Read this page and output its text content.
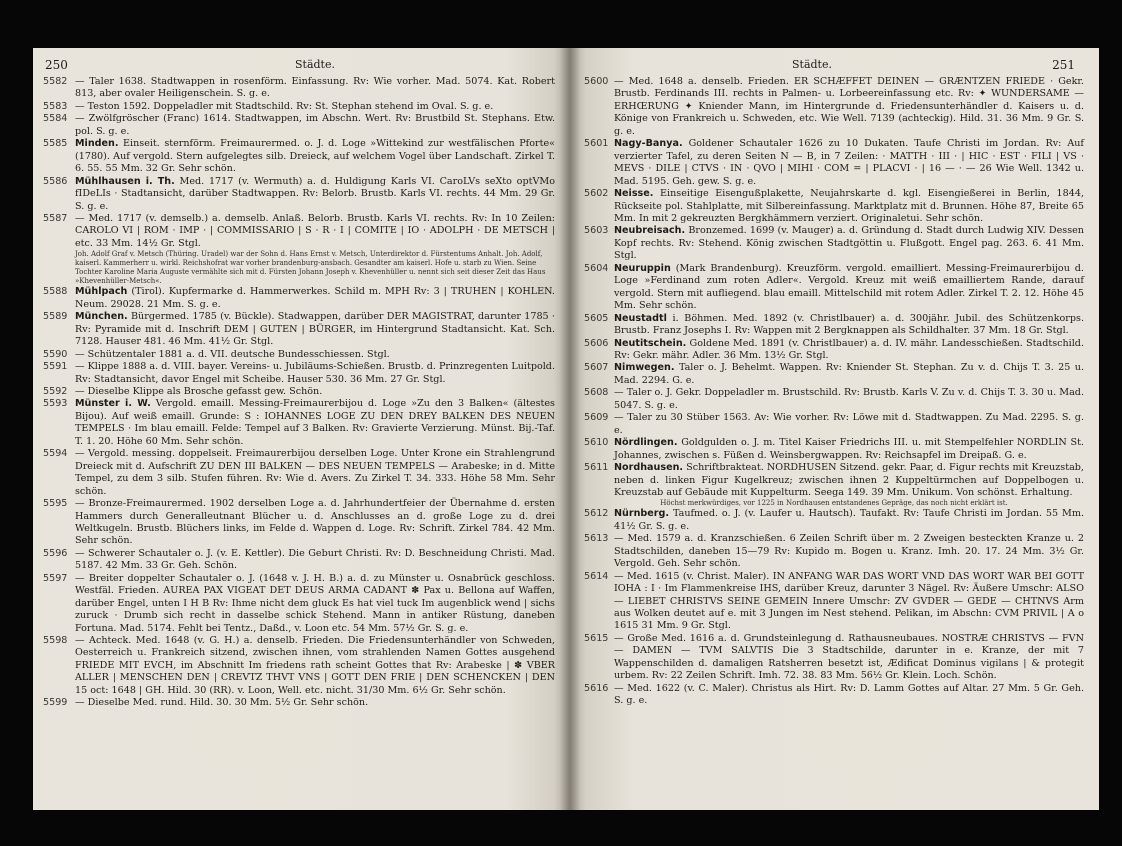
250	Städte.
5582 — Taler 1638. Stadtwappen in rosenförm. Einfassung. Rv: Wie vorher. Mad. 5074. Kat. Robert 813, aber ovaler Heiligenschein. S. g. e.
5583 — Teston 1592. Doppeladler mit Stadtschild. Rv: St. Stephan stehend im Oval. S. g. e.
5584 — Zwölfgröscher (Franc) 1614. Stadtwappen, im Abschn. Wert. Rv: Brustbild St. Stephans. Etw. pol. S. g. e.
5585 Minden. Einseit. sternförm. Freimaurermed. o. J. d. Loge »Wittekind zur westfälischen Pforte« (1780). Auf vergold. Stern aufgelegtes silb. Dreieck, auf welchem Vogel über Landschaft. Zirkel T. 6. 55. 55 Mm. 32 Gr. Sehr schön.
5586 Mühlhausen i. Th. Med. 1717 (v. Wermuth) a. d. Huldigung Karls VI. CaroLVs seXto optVMo fIDeLIs · Stadtansicht, darüber Stadtwappen. Rv: Belorb. Brustb. Karls VI. rechts. 44 Mm. 29 Gr. S. g. e.
5587 — Med. 1717 (v. demselb.) a. demselb. Anlaß. Belorb. Brustb. Karls VI. rechts. Rv: In 10 Zeilen: CAROLO VI | ROM · IMP · | COMMISSARIO | S · R · I | COMITE | IO · ADOLPH · DE METSCH | etc. 33 Mm. 14½ Gr. Stgl.
Joh. Adolf Graf v. Metsch (Thüring. Uradel) war der Sohn d. Hans Ernst v. Metsch, Unterdirektor d. Fürstentums Anhalt. Joh. Adolf, kaiserl. Kammerherr u. wirkl. Reichshofrat war vorher brandenburg-ansbach. Gesandter am kaiserl. Hofe u. starb zu Wien. Seine Tochter Karoline Maria Auguste vermählte sich mit d. Fürsten Johann Joseph v. Khevenhüller u. nennt sich seit dieser Zeit das Haus »Khevenhüller-Metsch«.
5588 Mühlpach (Tirol). Kupfermarke d. Hammerwerkes. Schild m. MPH Rv: 3 | TRUHEN | KOHLEN. Neum. 29028. 21 Mm. S. g. e.
5589 München. Bürgermed. 1785 (v. Bückle). Stadwappen, darüber DER MAGISTRAT, darunter 1785 · Rv: Pyramide mit d. Inschrift DEM | GUTEN | BÜRGER, im Hintergrund Stadtansicht. Kat. Sch. 7128. Hauser 481. 46 Mm. 41½ Gr. Stgl.
5590 — Schützentaler 1881 a. d. VII. deutsche Bundesschiessen. Stgl.
5591 — Klippe 1888 a. d. VIII. bayer. Vereins- u. Jubiläums-Schießen. Brustb. d. Prinzregenten Luitpold. Rv: Stadtansicht, davor Engel mit Scheibe. Hauser 530. 36 Mm. 27 Gr. Stgl.
5592 — Dieselbe Klippe als Brosche gefasst gew. Schön.
5593 Münster i. W. Vergold. emaill. Messing-Freimaurerbijou d. Loge »Zu den 3 Balken« (ältestes Bijou). Auf weiß emaill. Grunde: S : IOHANNES LOGE ZU DEN DREY BALKEN DES NEUEN TEMPELS · Im blau emaill. Felde: Tempel auf 3 Balken. Rv: Gravierte Verzierung. Münst. Bij.-Taf. T. 1. 20. Höhe 60 Mm. Sehr schön.
5594 — Vergold. messing. doppelseit. Freimaurerbijou derselben Loge. Unter Krone ein Strahlengrund Dreieck mit d. Aufschrift ZU DEN III BALKEN — DES NEUEN TEMPELS — Arabeske; in d. Mitte Tempel, zu dem 3 silb. Stufen führen. Rv: Wie d. Avers. Zu Zirkel T. 34. 333. Höhe 58 Mm. Sehr schön.
5595 — Bronze-Freimaurermed. 1902 derselben Loge a. d. Jahrhundertfeier der Übernahme d. ersten Hammers durch Generalleutnant Blücher u. d. Anschlusses an d. große Loge zu d. drei Weltkugeln. Brustb. Blüchers links, im Felde d. Wappen d. Loge. Rv: Schrift. Zirkel 784. 42 Mm. Sehr schön.
5596 — Schwerer Schautaler o. J. (v. E. Kettler). Die Geburt Christi. Rv: D. Beschneidung Christi. Mad. 5187. 42 Mm. 33 Gr. Geh. Schön.
5597 — Breiter doppelter Schautaler o. J. (1648 v. J. H. B.) a. d. zu Münster u. Osnabrück geschloss. Westfäl. Frieden. AUREA PAX VIGEAT DET DEUS ARMA CADANT ✽ Pax u. Bellona auf Waffen, darüber Engel, unten I H B Rv: Ihme nicht dem gluck Es hat viel tuck Im augenblick wend | sichs zuruck · Drumb sich recht in dasselbe schick Stehend. Mann in antiker Rüstung, daneben Fortuna. Mad. 5174. Fehlt bei Tentz., Daßd., v. Loon etc. 54 Mm. 57½ Gr. S. g. e.
5598 — Achteck. Med. 1648 (v. G. H.) a. denselb. Frieden. Die Friedensunterhändler von Schweden, Oesterreich u. Frankreich sitzend, zwischen ihnen, vom strahlenden Namen Gottes ausgehend FRIEDE MIT EVCH, im Abschnitt Im friedens rath scheint Gottes that Rv: Arabeske | ✽ VBER ALLER | MENSCHEN DEN | CREVTZ THVT VNS | GOTT DEN FRIE | DEN SCHENCKEN | DEN 15 oct: 1648 | GH. Hild. 30 (RR). v. Loon, Well. etc. nicht. 31/30 Mm. 6½ Gr. Sehr schön.
5599 — Dieselbe Med. rund. Hild. 30. 30 Mm. 5½ Gr. Sehr schön.
Städte.	251
5600 — Med. 1648 a. denselb. Frieden. ER SCHÆFFET DEINEN — GRÆNTZEN FRIEDE · Gekr. Brustb. Ferdinands III. rechts in Palmen- u. Lorbeereinfassung etc. Rv: ✦ WUNDERSAME — ERHŒRUNG ✦ Kniender Mann, im Hintergrunde d. Friedensunterhändler d. Kaisers u. d. Könige von Frankreich u. Schweden, etc. Wie Well. 7139 (achteckig). Hild. 31. 36 Mm. 9 Gr. S. g. e.
5601 Nagy-Banya. Goldener Schautaler 1626 zu 10 Dukaten. Taufe Christi im Jordan. Rv: Auf verzierter Tafel, zu deren Seiten N — B, in 7 Zeilen: · MATTH · III · | HIC · EST · FILI | VS · MEVS · DILE | CTVS · IN · QVO | MIHI · COM = | PLACVI · | 16 — · — 26 Wie Well. 1342 u. Mad. 5195. Geh. gew. S. g. e.
5602 Neisse. Einseitige Eisengußplakette, Neujahrskarte d. kgl. Eisengießerei in Berlin, 1844, Rückseite pol. Stahlplatte, mit Silbereinfassung. Marktplatz mit d. Brunnen. Höhe 87, Breite 65 Mm. In mit 2 gekreuzten Bergkhämmern verziert. Originaletui. Sehr schön.
5603 Neubreisach. Bronzemed. 1699 (v. Mauger) a. d. Gründung d. Stadt durch Ludwig XIV. Dessen Kopf rechts. Rv: Stehend. König zwischen Stadtgöttin u. Flußgott. Engel pag. 263. 6. 41 Mm. Stgl.
5604 Neuruppin (Mark Brandenburg). Kreuzförm. vergold. emailliert. Messing-Freimaurerbijou d. Loge »Ferdinand zum roten Adler«. Vergold. Kreuz mit weiß emailliertem Rande, darauf vergold. Stern mit aufliegend. blau emaill. Mittelschild mit rotem Adler. Zirkel T. 2. 12. Höhe 45 Mm. Sehr schön.
5605 Neustadtl i. Böhmen. Med. 1892 (v. Christlbauer) a. d. 300jähr. Jubil. des Schützenkorps. Brustb. Franz Josephs I. Rv: Wappen mit 2 Bergknappen als Schildhalter. 37 Mm. 18 Gr. Stgl.
5606 Neutitschein. Goldene Med. 1891 (v. Christlbauer) a. d. IV. mähr. Landesschießen. Stadtschild. Rv: Gekr. mähr. Adler. 36 Mm. 13½ Gr. Stgl.
5607 Nimwegen. Taler o. J. Behelmt. Wappen. Rv: Kniender St. Stephan. Zu v. d. Chijs T. 3. 25 u. Mad. 2294. G. e.
5608 — Taler o. J. Gekr. Doppeladler m. Brustschild. Rv: Brustb. Karls V. Zu v. d. Chijs T. 3. 30 u. Mad. 5047. S. g. e.
5609 — Taler zu 30 Stüber 1563. Av: Wie vorher. Rv: Löwe mit d. Stadtwappen. Zu Mad. 2295. S. g. e.
5610 Nördlingen. Goldgulden o. J. m. Titel Kaiser Friedrichs III. u. mit Stempelfehler NORDLIN St. Johannes, zwischen s. Füßen d. Weinsbergwappen. Rv: Reichsapfel im Dreipaß. G. e.
5611 Nordhausen. Schriftbrakteat. NORDHUSEN Sitzend. gekr. Paar, d. Figur rechts mit Kreuzstab, neben d. linken Figur Kugelkreuz; zwischen ihnen 2 Kuppeltürmchen auf Doppelbogen u. Kreuzstab auf Gebäude mit Kuppelturm. Seega 149. 39 Mm. Unikum. Von schönst. Erhaltung.
Höchst merkwürdiges, vor 1225 in Nordhausen entstandenes Gepräge, das noch nicht erklärt ist.
5612 Nürnberg. Taufmed. o. J. (v. Laufer u. Hautsch). Taufakt. Rv: Taufe Christi im Jordan. 55 Mm. 41½ Gr. S. g. e.
5613 — Med. 1579 a. d. Kranzschießen. 6 Zeilen Schrift über m. 2 Zweigen besteckten Kranze u. 2 Stadtschilden, daneben 15—79 Rv: Kupido m. Bogen u. Kranz. Imh. 20. 17. 24 Mm. 3½ Gr. Vergold. Geh. Sehr schön.
5614 — Med. 1615 (v. Christ. Maler). IN ANFANG WAR DAS WORT VND DAS WORT WAR BEI GOTT IOHA : I · Im Flammenkreise IHS, darüber Kreuz, darunter 3 Nägel. Rv: Äußere Umschr: ALSO — LIEBET CHRISTVS SEINE GEMEIN Innere Umschr: ZV GVDER — GEDE — CHTNVS Arm aus Wolken deutet auf e. mit 3 Jungen im Nest stehend. Pelikan, im Abschn: CVM PRIVIL | A o 1615 31 Mm. 9 Gr. Stgl.
5615 — Große Med. 1616 a. d. Grundsteinlegung d. Rathausneubaues. NOSTRÆ CHRISTVS — FVN — DAMEN — TVM SALVTIS Die 3 Stadtschilde, darunter in e. Kranze, der mit 7 Wappenschilden d. damaligen Ratsherren besetzt ist, Ædificat Dominus vigilans | & protegit urbem. Rv: 22 Zeilen Schrift. Imh. 72. 38. 83 Mm. 56½ Gr. Klein. Loch. Schön.
5616 — Med. 1622 (v. C. Maler). Christus als Hirt. Rv: D. Lamm Gottes auf Altar. 27 Mm. 5 Gr. Geh. S. g. e.
